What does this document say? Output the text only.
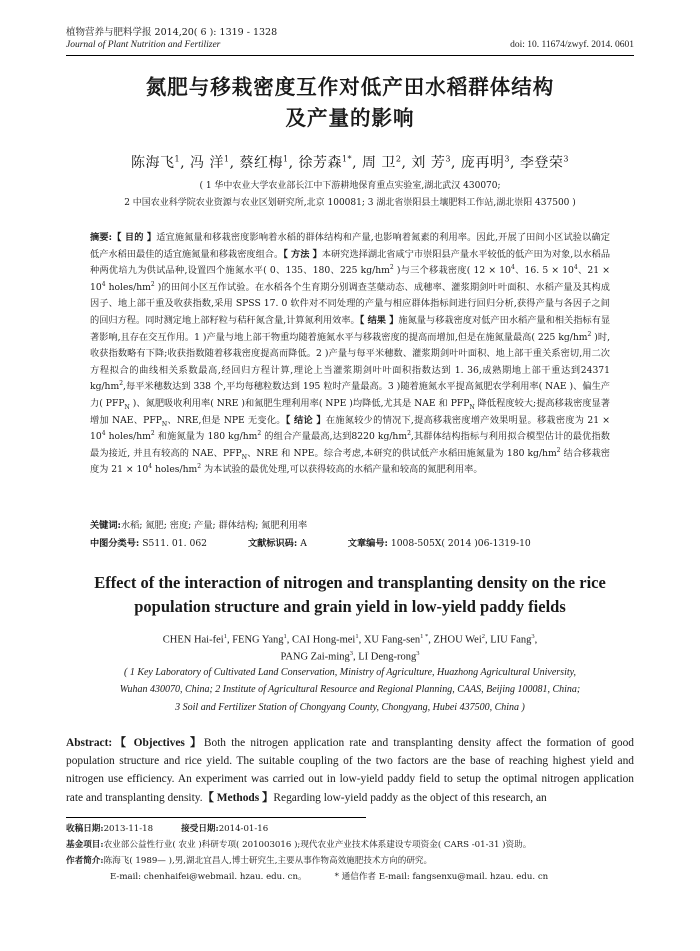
植物营养与肥料学报 2014,20( 6 ): 1319 - 1328
Journal of Plant Nutrition and Fertilizer	doi: 10. 11674/zwyf. 2014. 0601
氮肥与移栽密度互作对低产田水稻群体结构
及产量的影响
陈海飞$^1$, 冯 洋$^1$, 蔡红梅$^1$, 徐芳森$^{1*}$, 周 卫$^2$, 刘 芳$^3$, 庞再明$^3$, 李登荣$^3$
( 1 华中农业大学农业部长江中下游耕地保育重点实验室,湖北武汉 430070;
2 中国农业科学院农业资源与农业区划研究所,北京 100081; 3 湖北省崇阳县土壤肥料工作站,湖北崇阳 437500 )
摘要:【 目的 】适宜施氮量和移栽密度影响着水稻的群体结构和产量,也影响着氮素的利用率。因此,开展了田间小区试验以确定低产水稻田最佳的适宜施氮量和移栽密度组合。【 方法 】本研究选择湖北省咸宁市崇阳县产量水平较低的低产田为对象,以水稻品种两优培九为供试品种,设置四个施氮水平( 0、135、180、225 $kg/hm^2$ )与三个移栽密度( $12 \times 10^4$、16. $5 \times 10^4$、$21 \times 10^4$ holes/$hm^2$ )的田间小区互作试验。在水稻各个生育期分别调查茎蘖动态、成穗率、灌浆期剑叶叶面积、水稻产量及其构成因子、地上部干重及收获指数,采用 SPSS 17. 0 软件对不同处理的产量与相应群体指标间进行回归分析,获得产量与各因子之间的回归方程。同时测定地上部籽粒与秸秆氮含量,计算氮利用效率。【 结果 】施氮量与移栽密度对低产田水稻产量和相关指标有显著影响,且存在交互作用。1 )产量与地上部干物重均随着施氮水平与移栽密度的提高而增加,但是在施氮量最高( 225 $kg/hm^2$ )时,收获指数略有下降;收获指数随着移栽密度提高而降低。2 )产量与每平米穗数、灌浆期剑叶叶面积、地上部干重关系密切,用二次方程拟合的曲线相关系数最高,经回归方程计算,理论上当灌浆期剑叶叶面积指数达到 1. 36,成熟期地上部干重达到24371 $kg/hm^2$,每平米穗数达到 338 个,平均每穗粒数达到 195 粒时产量最高。3 )随着施氮水平提高氮肥农学利用率( NAE )、偏生产力( $PFP_N$ )、氮肥吸收利用率( NRE )和氮肥生理利用率( NPE )均降低,尤其是 NAE 和 $PFP_N$ 降低程度较大;提高移栽密度显著增加 NAE、$PFP_N$、NRE,但是 NPE 无变化。【 结论 】在施氮较少的情况下,提高移栽密度增产效果明显。移栽密度为 $21 \times 10^4$ holes/$hm^2$ 和施氮量为 180 $kg/hm^2$ 的组合产量最高,达到8220 $kg/hm^2$,其群体结构指标与利用拟合模型估计的最优指数最为接近, 并且有较高的 NAE、$PFP_N$、NRE 和 NPE。综合考虑,本研究的供试低产水稻田施氮量为 180 $kg/hm^2$ 结合移栽密度为 $21 \times 10^4$ holes/$hm^2$ 为本试验的最优处理,可以获得较高的水稻产量和较高的氮肥利用率。
关键词:水稻; 氮肥; 密度; 产量; 群体结构; 氮肥利用率
中图分类号: S511. 01. 062	文献标识码: A	文章编号: 1008-505X( 2014 )06-1319-10
Effect of the interaction of nitrogen and transplanting density on the rice
population structure and grain yield in low-yield paddy fields
CHEN Hai-fei$^1$, FENG Yang$^1$, CAI Hong-mei$^1$, XU Fang-sen$^{1 *}$, ZHOU Wei$^2$, LIU Fang$^3$,
PANG Zai-ming$^3$, LI Deng-rong$^3$
( 1 Key Laboratory of Cultivated Land Conservation, Ministry of Agriculture, Huazhong Agricultural University,
Wuhan 430070, China; 2 Institute of Agricultural Resource and Regional Planning, CAAS, Beijing 100081, China;
3 Soil and Fertilizer Station of Chongyang County, Chongyang, Hubei 437500, China )
Abstract:【 Objectives 】Both the nitrogen application rate and transplanting density affect the formation of good population structure and rice yield. The suitable coupling of the two factors are the base of reaching highest yield and nitrogen use efficiency. An experiment was carried out in low-yield paddy field to setup the optimal nitrogen application rate and transplanting density.【 Methods 】Regarding low-yield paddy as the object of this research, an
收稿日期:2013-11-18	接受日期:2014-01-16
基金项目:农业部公益性行业( 农业 )科研专项( 201003016 );现代农业产业技术体系建设专项资金( CARS -01-31 )资助。
作者简介:陈海飞( 1989— ),男,湖北宜昌人,博士研究生,主要从事作物高效施肥技术方向的研究。
E-mail: chenhaifei@webmail. hzau. edu. cn。	* 通信作者 E-mail: fangsenxu@mail. hzau. edu. cn
